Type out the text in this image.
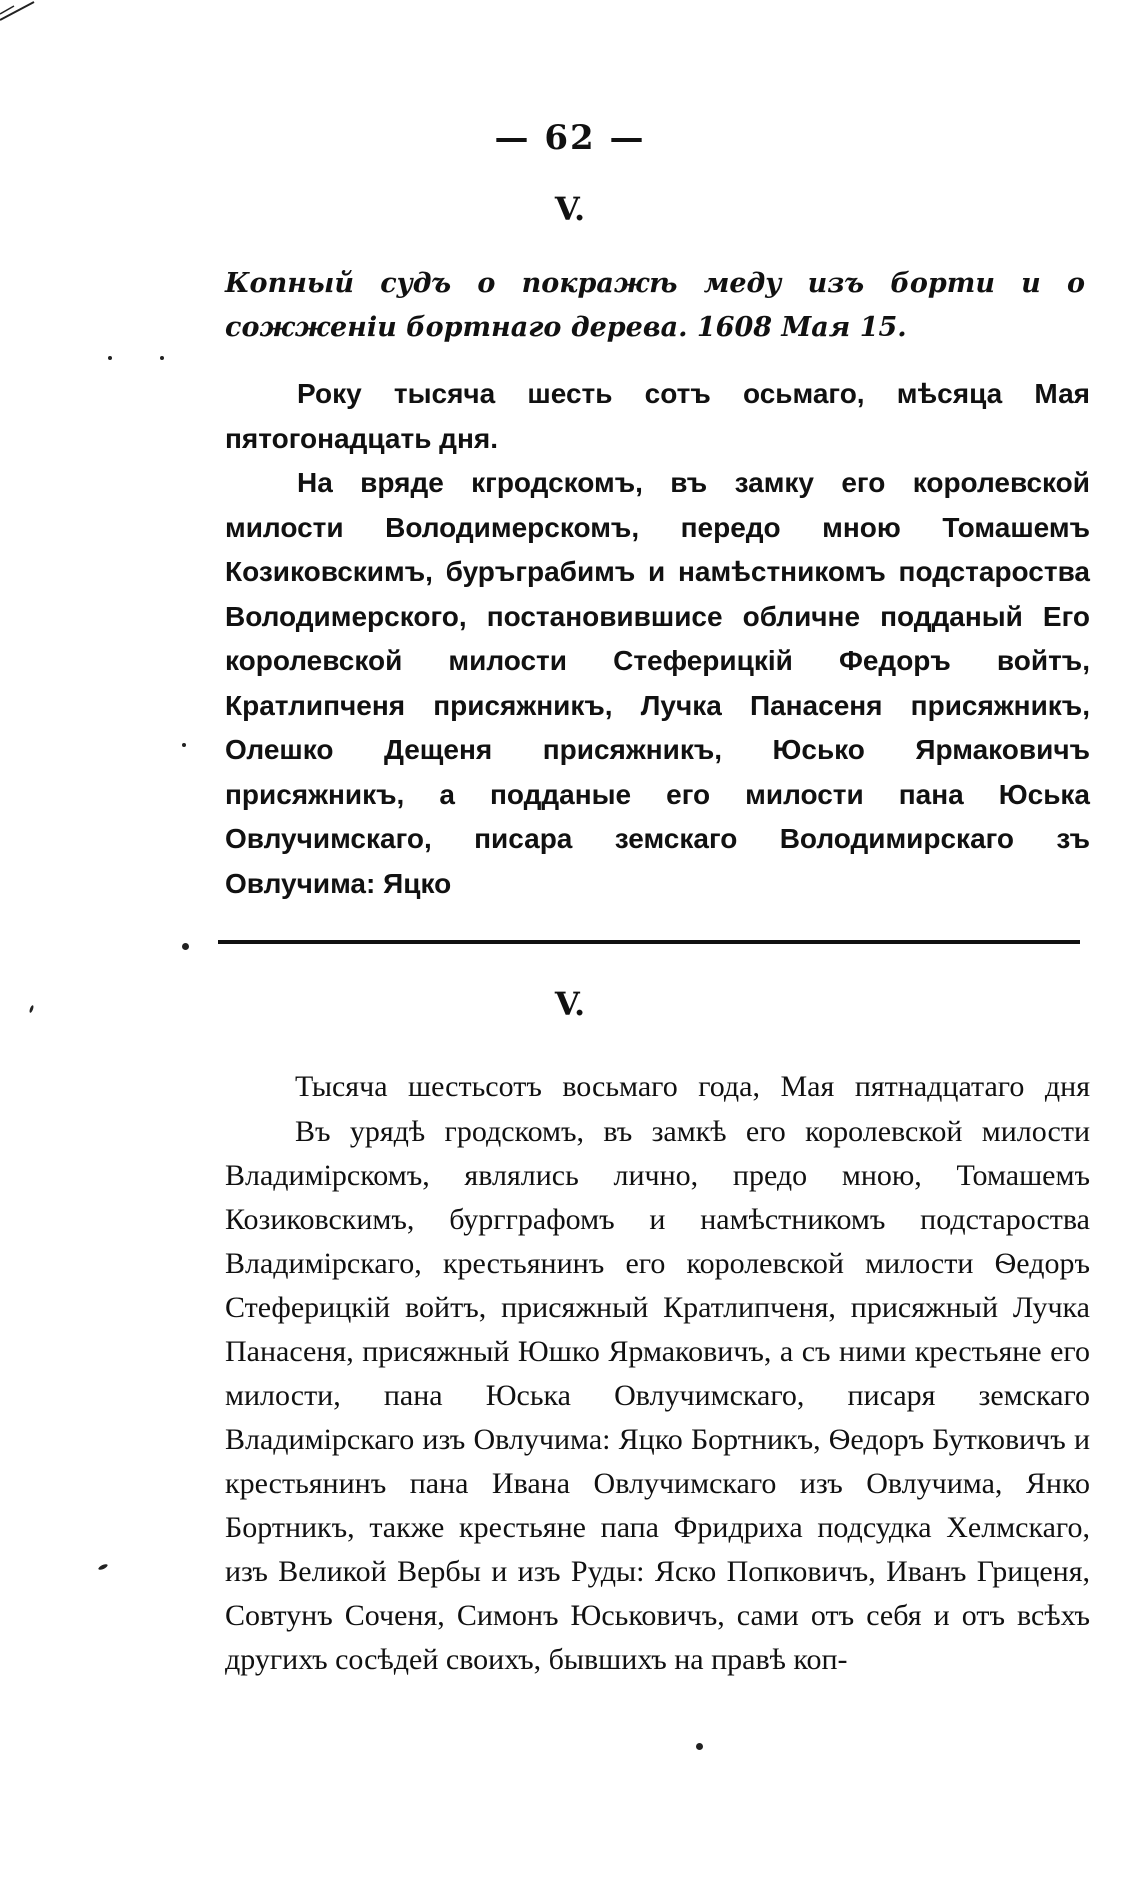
— 62 —
V.
Копный судъ о покражѣ меду изъ борти и о сожженiи бортнаго дерева. 1608 Мая 15.

Року тысяча шесть сотъ осьмаго, мѣсяца Мая пятогонадцать дня.

На вряде кгродскомъ, въ замку его королевской милости Володимерскомъ, передо мною Томашемъ Козиковскимъ, буръграбимъ и намѣстникомъ подстароства Володимерского, постановившисе обличне подданый Его королевской милости Стеферицкiй Федоръ войтъ, Кратлипченя присяжникъ, Лучка Панасеня присяжникъ, Олешко Дещеня присяжникъ, Юсько Ярмаковичъ присяжникъ, а подданые его милости пана Юська Овлучимскаго, писара земскаго Володимирскаго зъ Овлучима: Яцко

V.

Тысяча шестьсотъ восьмаго года, Мая пятнадцатаго дня

Въ урядѣ гродскомъ, въ замкѣ его королевской милости Владимiрскомъ, являлись лично, предо мною, Томашемъ Козиковскимъ, бургграфомъ и намѣстникомъ подстароства Владимiрскаго, крестьянинъ его королевской милости Ѳедоръ Стеферицкiй войтъ, присяжный Кратлипченя, присяжный Лучка Панасеня, присяжный Юшко Ярмаковичъ, а съ ними крестьяне его милости, пана Юська Овлучимскаго, писаря земскаго Владимiрскаго изъ Овлучима: Яцко Бортникъ, Ѳедоръ Бутковичъ и крестьянинъ пана Ивана Овлучимскаго изъ Овлучима, Янко Бортникъ, также крестьяне папа Фридриха подсудка Хелмскаго, изъ Великой Вербы и изъ Руды: Яско Попковичъ, Иванъ Гриценя, Совтунъ Соченя, Симонъ Юськовичъ, сами отъ себя и отъ всѣхъ другихъ сосѣдей своихъ, бывшихъ на правѣ коп-
